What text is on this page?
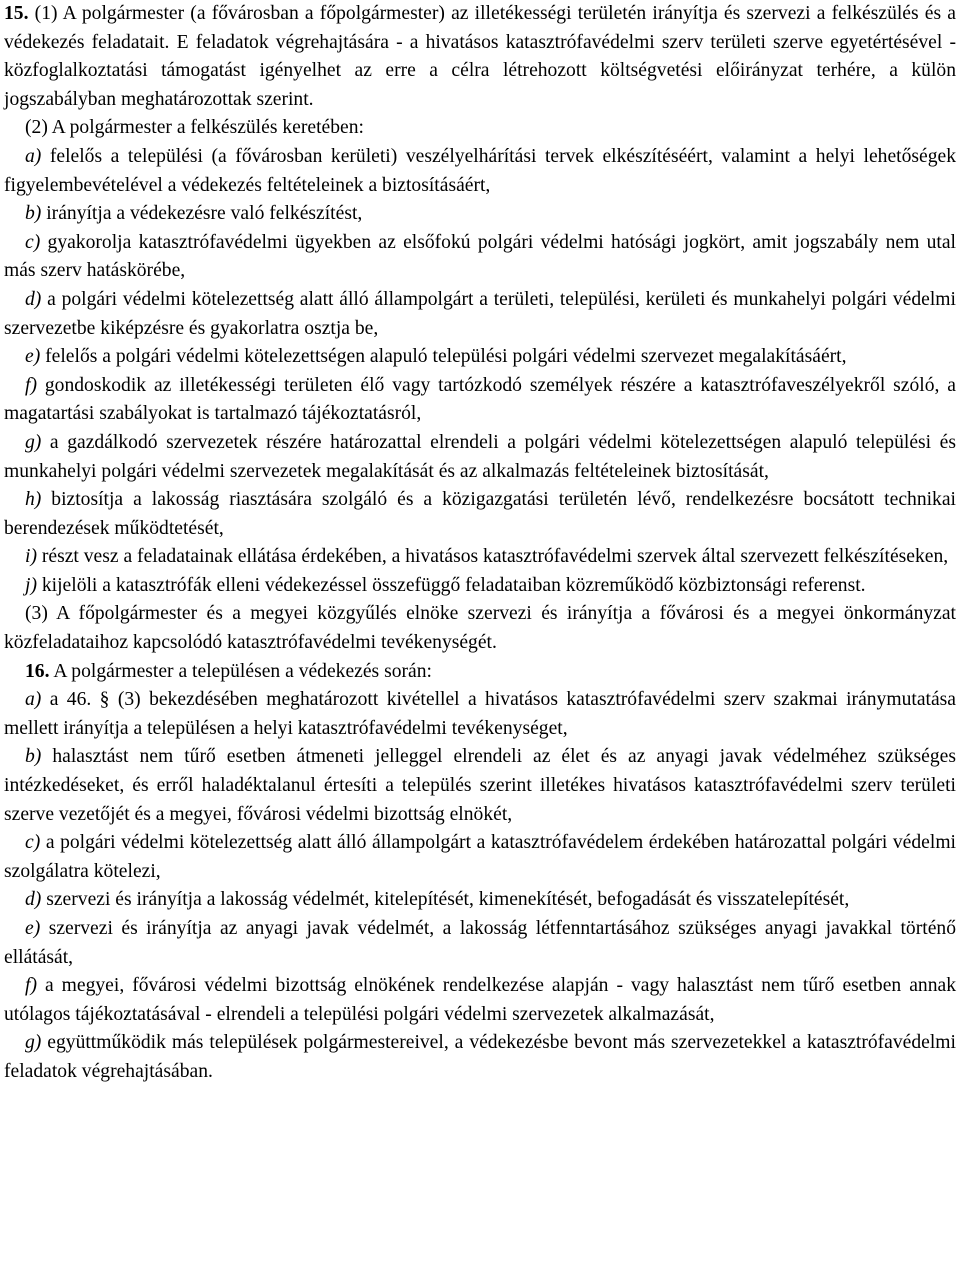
15. (1) A polgármester (a fővárosban a főpolgármester) az illetékességi területén irányítja és szervezi a felkészülés és a védekezés feladatait. E feladatok végrehajtására - a hivatásos katasztrófavédelmi szerv területi szerve egyetértésével - közfoglalkoztatási támogatást igényelhet az erre a célra létrehozott költségvetési előirányzat terhére, a külön jogszabályban meghatározottak szerint.

(2) A polgármester a felkészülés keretében:

a) felelős a települési (a fővárosban kerületi) veszélyelhárítási tervek elkészítéséért, valamint a helyi lehetőségek figyelembevételével a védekezés feltételeinek a biztosításáért,

b) irányítja a védekezésre való felkészítést,

c) gyakorolja katasztrófavédelmi ügyekben az elsőfokú polgári védelmi hatósági jogkört, amit jogszabály nem utal más szerv hatáskörébe,

d) a polgári védelmi kötelezettség alatt álló állampolgárt a területi, települési, kerületi és munkahelyi polgári védelmi szervezetbe kiképzésre és gyakorlatra osztja be,

e) felelős a polgári védelmi kötelezettségen alapuló települési polgári védelmi szervezet megalakításáért,

f) gondoskodik az illetékességi területen élő vagy tartózkodó személyek részére a katasztrófaveszélyekről szóló, a magatartási szabályokat is tartalmazó tájékoztatásról,

g) a gazdálkodó szervezetek részére határozattal elrendeli a polgári védelmi kötelezettségen alapuló települési és munkahelyi polgári védelmi szervezetek megalakítását és az alkalmazás feltételeinek biztosítását,

h) biztosítja a lakosság riasztására szolgáló és a közigazgatási területén lévő, rendelkezésre bocsátott technikai berendezések működtetését,

i) részt vesz a feladatainak ellátása érdekében, a hivatásos katasztrófavédelmi szervek által szervezett felkészítéseken,

j) kijelöli a katasztrófák elleni védekezéssel összefüggő feladataiban közreműködő közbiztonsági referenst.

(3) A főpolgármester és a megyei közgyűlés elnöke szervezi és irányítja a fővárosi és a megyei önkormányzat közfeladataihoz kapcsolódó katasztrófavédelmi tevékenységét.

16. A polgármester a településen a védekezés során:

a) a 46. § (3) bekezdésében meghatározott kivétellel a hivatásos katasztrófavédelmi szerv szakmai iránymutatása mellett irányítja a településen a helyi katasztrófavédelmi tevékenységet,

b) halasztást nem tűrő esetben átmeneti jelleggel elrendeli az élet és az anyagi javak védelméhez szükséges intézkedéseket, és erről haladéktalanul értesíti a település szerint illetékes hivatásos katasztrófavédelmi szerv területi szerve vezetőjét és a megyei, fővárosi védelmi bizottság elnökét,

c) a polgári védelmi kötelezettség alatt álló állampolgárt a katasztrófavédelem érdekében határozattal polgári védelmi szolgálatra kötelezi,

d) szervezi és irányítja a lakosság védelmét, kitelepítését, kimenekítését, befogadását és visszatelepítését,

e) szervezi és irányítja az anyagi javak védelmét, a lakosság létfenntartásához szükséges anyagi javakkal történő ellátását,

f) a megyei, fővárosi védelmi bizottság elnökének rendelkezése alapján - vagy halasztást nem tűrő esetben annak utólagos tájékoztatásával - elrendeli a települési polgári védelmi szervezetek alkalmazását,

g) együttműködik más települések polgármestereivel, a védekezésbe bevont más szervezetekkel a katasztrófavédelmi feladatok végrehajtásában.
